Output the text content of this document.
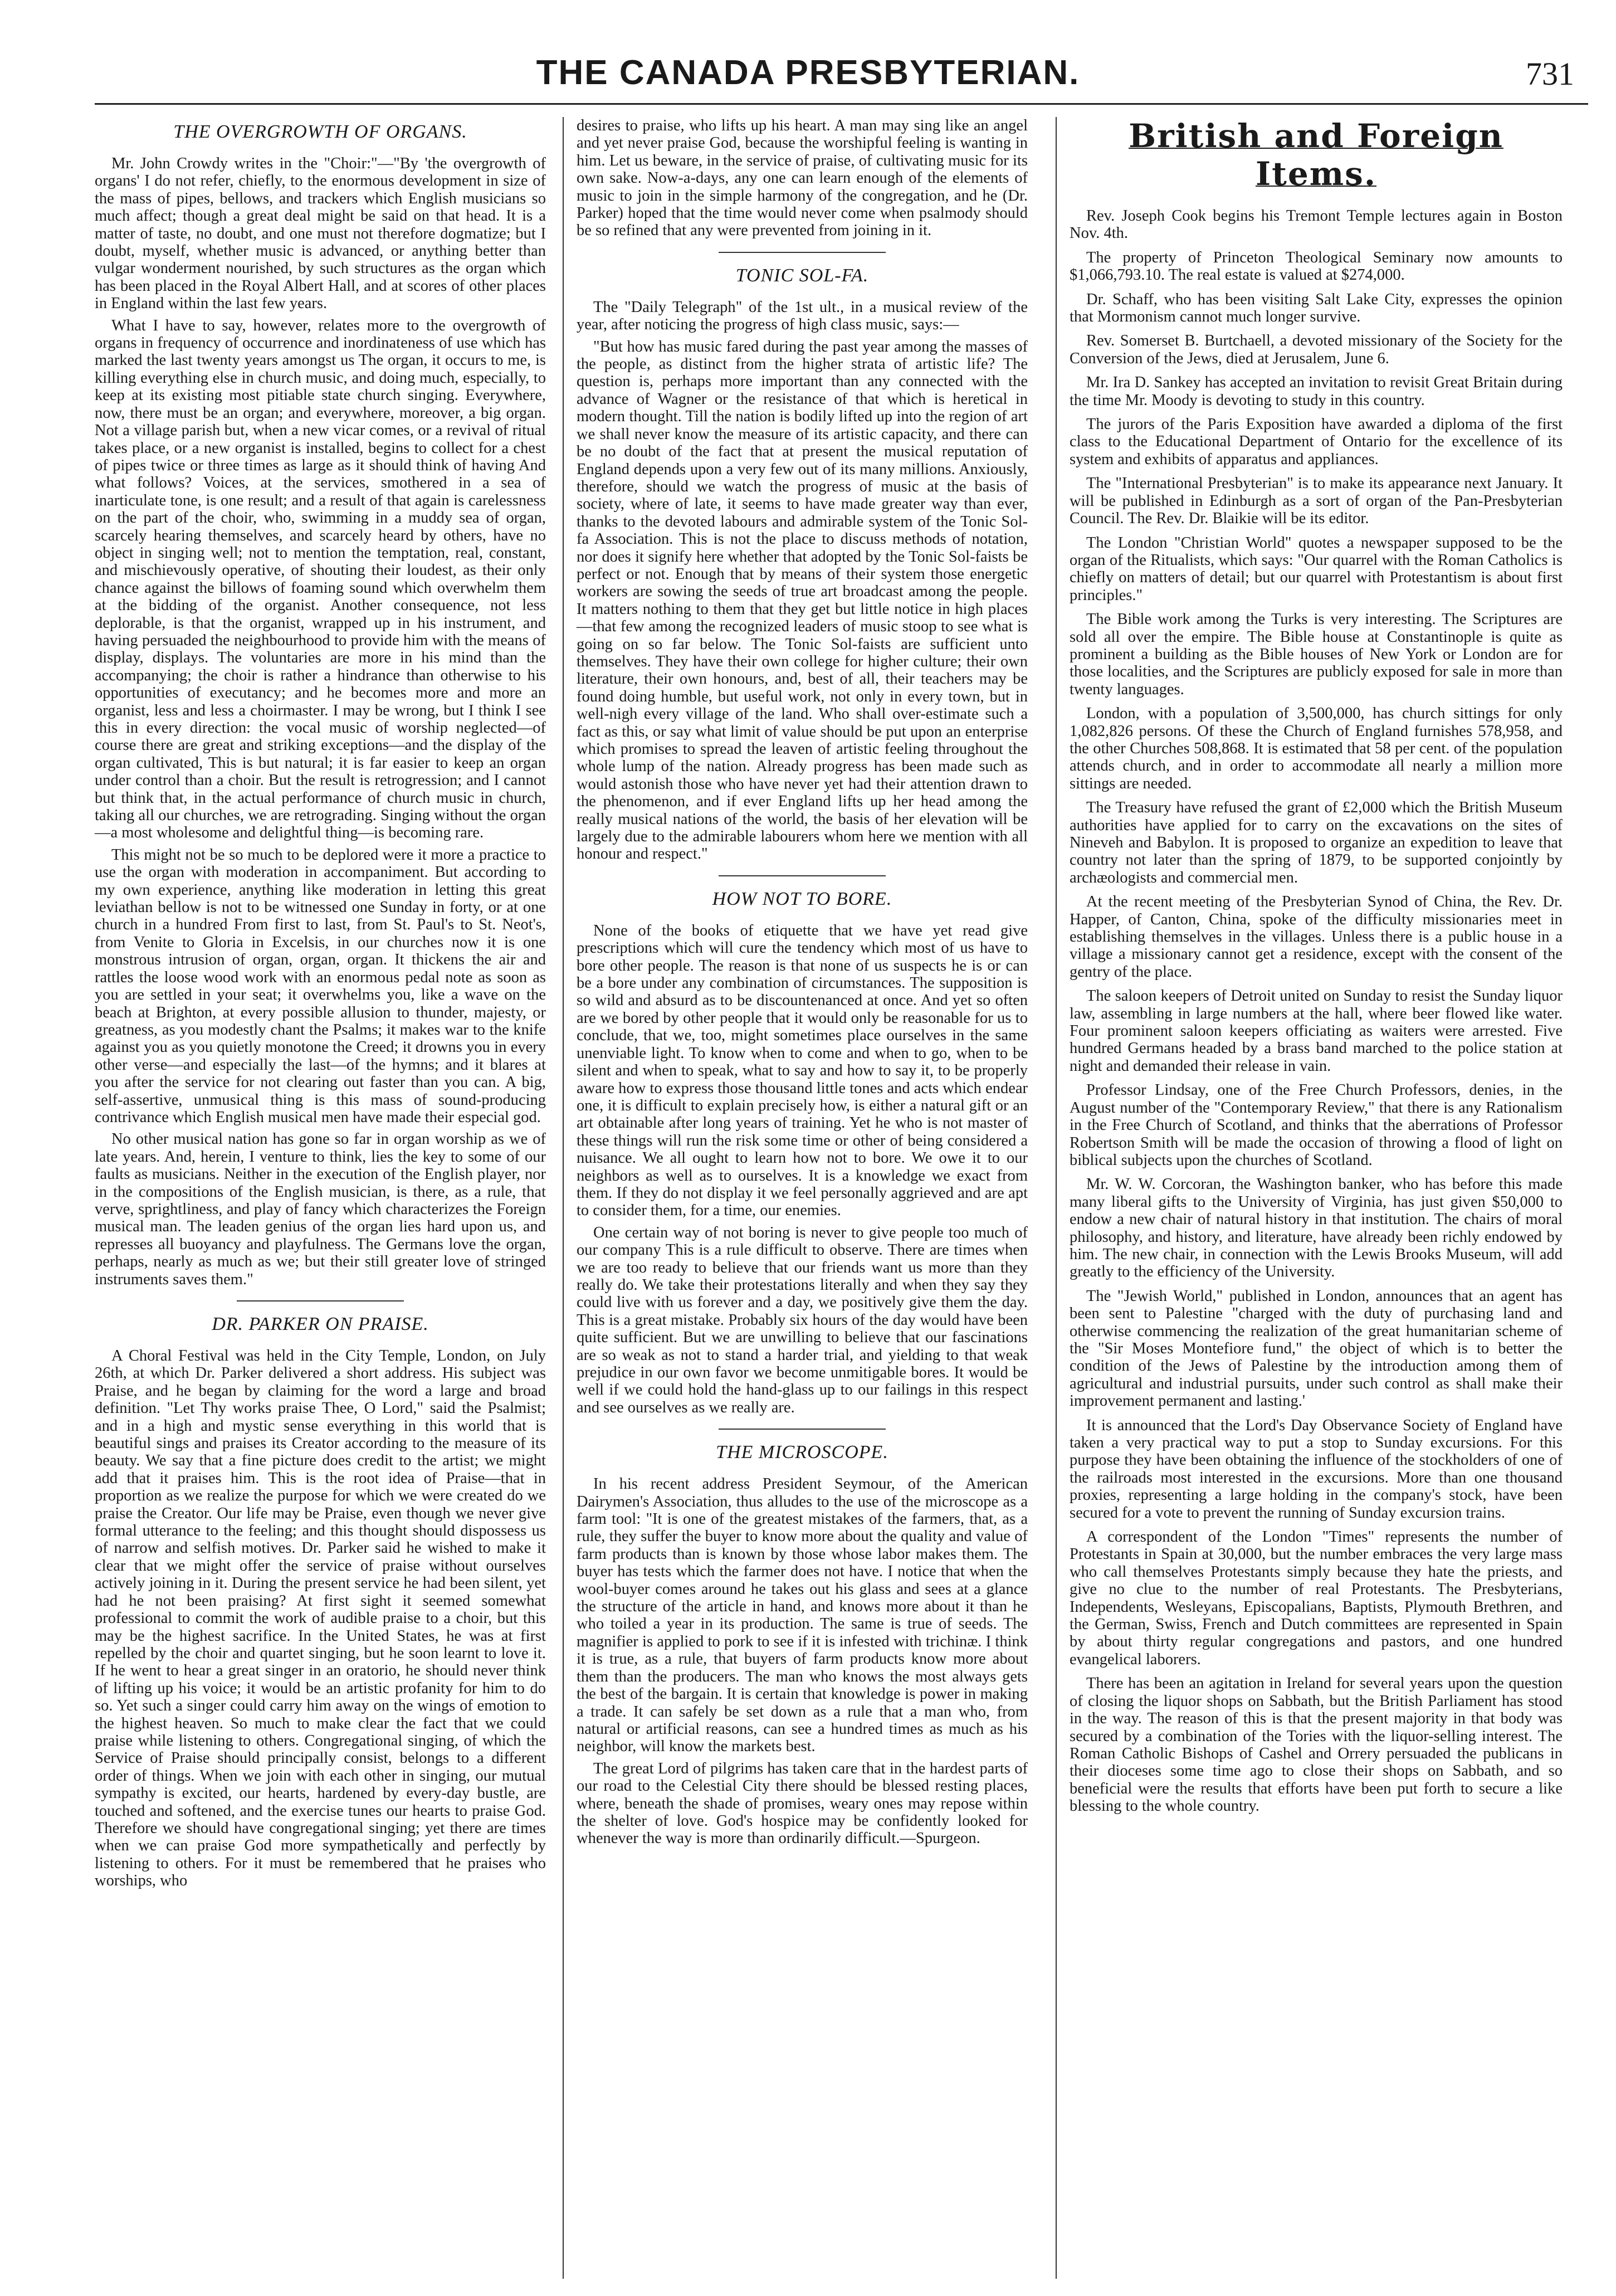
THE CANADA PRESBYTERIAN.	731
THE OVERGROWTH OF ORGANS.

Mr. John Crowdy writes in the "Choir:"—"By 'the overgrowth of organs' I do not refer, chiefly, to the enormous development in size of the mass of pipes, bellows, and trackers which English musicians so much affect; though a great deal might be said on that head. It is a matter of taste, no doubt, and one must not therefore dogmatize; but I doubt, myself, whether music is advanced, or anything better than vulgar wonderment nourished, by such structures as the organ which has been placed in the Royal Albert Hall, and at scores of other places in England within the last few years.

What I have to say, however, relates more to the overgrowth of organs in frequency of occurrence and inordinateness of use which has marked the last twenty years amongst us The organ, it occurs to me, is killing everything else in church music, and doing much, especially, to keep at its existing most pitiable state church singing. Everywhere, now, there must be an organ; and everywhere, moreover, a big organ. Not a village parish but, when a new vicar comes, or a revival of ritual takes place, or a new organist is installed, begins to collect for a chest of pipes twice or three times as large as it should think of having And what follows? Voices, at the services, smothered in a sea of inarticulate tone, is one result; and a result of that again is carelessness on the part of the choir, who, swimming in a muddy sea of organ, scarcely hearing themselves, and scarcely heard by others, have no object in singing well; not to mention the temptation, real, constant, and mischievously operative, of shouting their loudest, as their only chance against the billows of foaming sound which overwhelm them at the bidding of the organist. Another consequence, not less deplorable, is that the organist, wrapped up in his instrument, and having persuaded the neighbourhood to provide him with the means of display, displays. The voluntaries are more in his mind than the accompanying; the choir is rather a hindrance than otherwise to his opportunities of executancy; and he becomes more and more an organist, less and less a choirmaster. I may be wrong, but I think I see this in every direction: the vocal music of worship neglected—of course there are great and striking exceptions—and the display of the organ cultivated, This is but natural; it is far easier to keep an organ under control than a choir. But the result is retrogression; and I cannot but think that, in the actual performance of church music in church, taking all our churches, we are retrograding. Singing without the organ—a most wholesome and delightful thing—is becoming rare.

This might not be so much to be deplored were it more a practice to use the organ with moderation in accompaniment. But according to my own experience, anything like moderation in letting this great leviathan bellow is not to be witnessed one Sunday in forty, or at one church in a hundred From first to last, from St. Paul's to St. Neot's, from Venite to Gloria in Excelsis, in our churches now it is one monstrous intrusion of organ, organ, organ. It thickens the air and rattles the loose wood work with an enormous pedal note as soon as you are settled in your seat; it overwhelms you, like a wave on the beach at Brighton, at every possible allusion to thunder, majesty, or greatness, as you modestly chant the Psalms; it makes war to the knife against you as you quietly monotone the Creed; it drowns you in every other verse—and especially the last—of the hymns; and it blares at you after the service for not clearing out faster than you can. A big, self-assertive, unmusical thing is this mass of sound-producing contrivance which English musical men have made their especial god.

No other musical nation has gone so far in organ worship as we of late years. And, herein, I venture to think, lies the key to some of our faults as musicians. Neither in the execution of the English player, nor in the compositions of the English musician, is there, as a rule, that verve, sprightliness, and play of fancy which characterizes the Foreign musical man. The leaden genius of the organ lies hard upon us, and represses all buoyancy and playfulness. The Germans love the organ, perhaps, nearly as much as we; but their still greater love of stringed instruments saves them."

DR. PARKER ON PRAISE.

A Choral Festival was held in the City Temple, London, on July 26th, at which Dr. Parker delivered a short address. His subject was Praise, and he began by claiming for the word a large and broad definition. "Let Thy works praise Thee, O Lord," said the Psalmist; and in a high and mystic sense everything in this world that is beautiful sings and praises its Creator according to the measure of its beauty. We say that a fine picture does credit to the artist; we might add that it praises him. This is the root idea of Praise—that in proportion as we realize the purpose for which we were created do we praise the Creator. Our life may be Praise, even though we never give formal utterance to the feeling; and this thought should dispossess us of narrow and selfish motives. Dr. Parker said he wished to make it clear that we might offer the service of praise without ourselves actively joining in it. During the present service he had been silent, yet had he not been praising? At first sight it seemed somewhat professional to commit the work of audible praise to a choir, but this may be the highest sacrifice. In the United States, he was at first repelled by the choir and quartet singing, but he soon learnt to love it. If he went to hear a great singer in an oratorio, he should never think of lifting up his voice; it would be an artistic profanity for him to do so. Yet such a singer could carry him away on the wings of emotion to the highest heaven. So much to make clear the fact that we could praise while listening to others. Congregational singing, of which the Service of Praise should principally consist, belongs to a different order of things. When we join with each other in singing, our mutual sympathy is excited, our hearts, hardened by every-day bustle, are touched and softened, and the exercise tunes our hearts to praise God. Therefore we should have congregational singing; yet there are times when we can praise God more sympathetically and perfectly by listening to others. For it must be remembered that he praises who worships, who

desires to praise, who lifts up his heart. A man may sing like an angel and yet never praise God, because the worshipful feeling is wanting in him. Let us beware, in the service of praise, of cultivating music for its own sake. Now-a-days, any one can learn enough of the elements of music to join in the simple harmony of the congregation, and he (Dr. Parker) hoped that the time would never come when psalmody should be so refined that any were prevented from joining in it.

TONIC SOL-FA.

The "Daily Telegraph" of the 1st ult., in a musical review of the year, after noticing the progress of high class music, says:—

"But how has music fared during the past year among the masses of the people, as distinct from the higher strata of artistic life? The question is, perhaps more important than any connected with the advance of Wagner or the resistance of that which is heretical in modern thought. Till the nation is bodily lifted up into the region of art we shall never know the measure of its artistic capacity, and there can be no doubt of the fact that at present the musical reputation of England depends upon a very few out of its many millions. Anxiously, therefore, should we watch the progress of music at the basis of society, where of late, it seems to have made greater way than ever, thanks to the devoted labours and admirable system of the Tonic Sol-fa Association. This is not the place to discuss methods of notation, nor does it signify here whether that adopted by the Tonic Sol-faists be perfect or not. Enough that by means of their system those energetic workers are sowing the seeds of true art broadcast among the people. It matters nothing to them that they get but little notice in high places—that few among the recognized leaders of music stoop to see what is going on so far below. The Tonic Sol-faists are sufficient unto themselves. They have their own college for higher culture; their own literature, their own honours, and, best of all, their teachers may be found doing humble, but useful work, not only in every town, but in well-nigh every village of the land. Who shall over-estimate such a fact as this, or say what limit of value should be put upon an enterprise which promises to spread the leaven of artistic feeling throughout the whole lump of the nation. Already progress has been made such as would astonish those who have never yet had their attention drawn to the phenomenon, and if ever England lifts up her head among the really musical nations of the world, the basis of her elevation will be largely due to the admirable labourers whom here we mention with all honour and respect."

HOW NOT TO BORE.

None of the books of etiquette that we have yet read give prescriptions which will cure the tendency which most of us have to bore other people. The reason is that none of us suspects he is or can be a bore under any combination of circumstances. The supposition is so wild and absurd as to be discountenanced at once. And yet so often are we bored by other people that it would only be reasonable for us to conclude, that we, too, might sometimes place ourselves in the same unenviable light. To know when to come and when to go, when to be silent and when to speak, what to say and how to say it, to be properly aware how to express those thousand little tones and acts which endear one, it is difficult to explain precisely how, is either a natural gift or an art obtainable after long years of training. Yet he who is not master of these things will run the risk some time or other of being considered a nuisance. We all ought to learn how not to bore. We owe it to our neighbors as well as to ourselves. It is a knowledge we exact from them. If they do not display it we feel personally aggrieved and are apt to consider them, for a time, our enemies.

One certain way of not boring is never to give people too much of our company This is a rule difficult to observe. There are times when we are too ready to believe that our friends want us more than they really do. We take their protestations literally and when they say they could live with us forever and a day, we positively give them the day. This is a great mistake. Probably six hours of the day would have been quite sufficient. But we are unwilling to believe that our fascinations are so weak as not to stand a harder trial, and yielding to that weak prejudice in our own favor we become unmitigable bores. It would be well if we could hold the hand-glass up to our failings in this respect and see ourselves as we really are.

THE MICROSCOPE.

In his recent address President Seymour, of the American Dairymen's Association, thus alludes to the use of the microscope as a farm tool: "It is one of the greatest mistakes of the farmers, that, as a rule, they suffer the buyer to know more about the quality and value of farm products than is known by those whose labor makes them. The buyer has tests which the farmer does not have. I notice that when the wool-buyer comes around he takes out his glass and sees at a glance the structure of the article in hand, and knows more about it than he who toiled a year in its production. The same is true of seeds. The magnifier is applied to pork to see if it is infested with trichinæ. I think it is true, as a rule, that buyers of farm products know more about them than the producers. The man who knows the most always gets the best of the bargain. It is certain that knowledge is power in making a trade. It can safely be set down as a rule that a man who, from natural or artificial reasons, can see a hundred times as much as his neighbor, will know the markets best.

The great Lord of pilgrims has taken care that in the hardest parts of our road to the Celestial City there should be blessed resting places, where, beneath the shade of promises, weary ones may repose within the shelter of love. God's hospice may be confidently looked for whenever the way is more than ordinarily difficult.—Spurgeon.

British and Foreign Items.

Rev. Joseph Cook begins his Tremont Temple lectures again in Boston Nov. 4th.

The property of Princeton Theological Seminary now amounts to $1,066,793.10. The real estate is valued at $274,000.

Dr. Schaff, who has been visiting Salt Lake City, expresses the opinion that Mormonism cannot much longer survive.

Rev. Somerset B. Burtchaell, a devoted missionary of the Society for the Conversion of the Jews, died at Jerusalem, June 6.

Mr. Ira D. Sankey has accepted an invitation to revisit Great Britain during the time Mr. Moody is devoting to study in this country.

The jurors of the Paris Exposition have awarded a diploma of the first class to the Educational Department of Ontario for the excellence of its system and exhibits of apparatus and appliances.

The "International Presbyterian" is to make its appearance next January. It will be published in Edinburgh as a sort of organ of the Pan-Presbyterian Council. The Rev. Dr. Blaikie will be its editor.

The London "Christian World" quotes a newspaper supposed to be the organ of the Ritualists, which says: "Our quarrel with the Roman Catholics is chiefly on matters of detail; but our quarrel with Protestantism is about first principles."

The Bible work among the Turks is very interesting. The Scriptures are sold all over the empire. The Bible house at Constantinople is quite as prominent a building as the Bible houses of New York or London are for those localities, and the Scriptures are publicly exposed for sale in more than twenty languages.

London, with a population of 3,500,000, has church sittings for only 1,082,826 persons. Of these the Church of England furnishes 578,958, and the other Churches 508,868. It is estimated that 58 per cent. of the population attends church, and in order to accommodate all nearly a million more sittings are needed.

The Treasury have refused the grant of £2,000 which the British Museum authorities have applied for to carry on the excavations on the sites of Nineveh and Babylon. It is proposed to organize an expedition to leave that country not later than the spring of 1879, to be supported conjointly by archæologists and commercial men.

At the recent meeting of the Presbyterian Synod of China, the Rev. Dr. Happer, of Canton, China, spoke of the difficulty missionaries meet in establishing themselves in the villages. Unless there is a public house in a village a missionary cannot get a residence, except with the consent of the gentry of the place.

The saloon keepers of Detroit united on Sunday to resist the Sunday liquor law, assembling in large numbers at the hall, where beer flowed like water. Four prominent saloon keepers officiating as waiters were arrested. Five hundred Germans headed by a brass band marched to the police station at night and demanded their release in vain.

Professor Lindsay, one of the Free Church Professors, denies, in the August number of the "Contemporary Review," that there is any Rationalism in the Free Church of Scotland, and thinks that the aberrations of Professor Robertson Smith will be made the occasion of throwing a flood of light on biblical subjects upon the churches of Scotland.

Mr. W. W. Corcoran, the Washington banker, who has before this made many liberal gifts to the University of Virginia, has just given $50,000 to endow a new chair of natural history in that institution. The chairs of moral philosophy, and history, and literature, have already been richly endowed by him. The new chair, in connection with the Lewis Brooks Museum, will add greatly to the efficiency of the University.

The "Jewish World," published in London, announces that an agent has been sent to Palestine "charged with the duty of purchasing land and otherwise commencing the realization of the great humanitarian scheme of the "Sir Moses Montefiore fund," the object of which is to better the condition of the Jews of Palestine by the introduction among them of agricultural and industrial pursuits, under such control as shall make their improvement permanent and lasting.'

It is announced that the Lord's Day Observance Society of England have taken a very practical way to put a stop to Sunday excursions. For this purpose they have been obtaining the influence of the stockholders of one of the railroads most interested in the excursions. More than one thousand proxies, representing a large holding in the company's stock, have been secured for a vote to prevent the running of Sunday excursion trains.

A correspondent of the London "Times" represents the number of Protestants in Spain at 30,000, but the number embraces the very large mass who call themselves Protestants simply because they hate the priests, and give no clue to the number of real Protestants. The Presbyterians, Independents, Wesleyans, Episcopalians, Baptists, Plymouth Brethren, and the German, Swiss, French and Dutch committees are represented in Spain by about thirty regular congregations and pastors, and one hundred evangelical laborers.

There has been an agitation in Ireland for several years upon the question of closing the liquor shops on Sabbath, but the British Parliament has stood in the way. The reason of this is that the present majority in that body was secured by a combination of the Tories with the liquor-selling interest. The Roman Catholic Bishops of Cashel and Orrery persuaded the publicans in their dioceses some time ago to close their shops on Sabbath, and so beneficial were the results that efforts have been put forth to secure a like blessing to the whole country.
